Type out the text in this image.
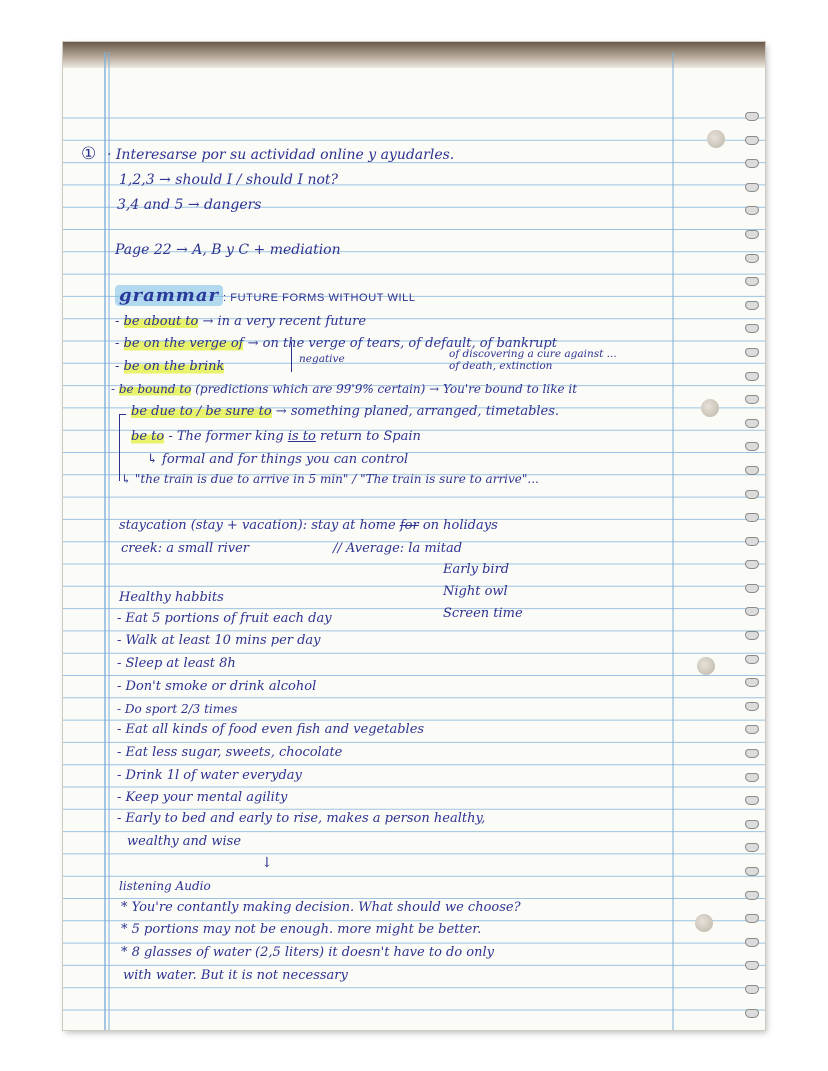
① · Interesarse por su actividad online y ayudarles.
1,2,3 → should I / should I not?
3,4 and 5 → dangers
Page 22 → A, B y C + mediation
grammar : FUTURE FORMS WITHOUT WILL
- be about to → in a very recent future
- be on the verge of → on the verge of tears, of default, of bankrupt
negative
- be on the brink
of discovering a cure against ...
of death, extinction
- be bound to (predictions which are 99'9% certain) → You're bound to like it
be due to / be sure to → something planed, arranged, timetables.
be to - The former king is to return to Spain
↳ formal and for things you can control
↳ "the train is due to arrive in 5 min" / "The train is sure to arrive"...
staycation (stay + vacation): stay at home for on holidays
creek: a small river	// Average: la mitad
Early bird
Night owl
Screen time
Healthy habbits
- Eat 5 portions of fruit each day
- Walk at least 10 mins per day
- Sleep at least 8h
- Don't smoke or drink alcohol
- Do sport 2/3 times
- Eat all kinds of food even fish and vegetables
- Eat less sugar, sweets, chocolate
- Drink 1l of water everyday
- Keep your mental agility
- Early to bed and early to rise, makes a person healthy,
wealthy and wise
↓
listening Audio
* You're contantly making decision. What should we choose?
* 5 portions may not be enough. more might be better.
* 8 glasses of water (2,5 liters) it doesn't have to do only
with water. But it is not necessary
